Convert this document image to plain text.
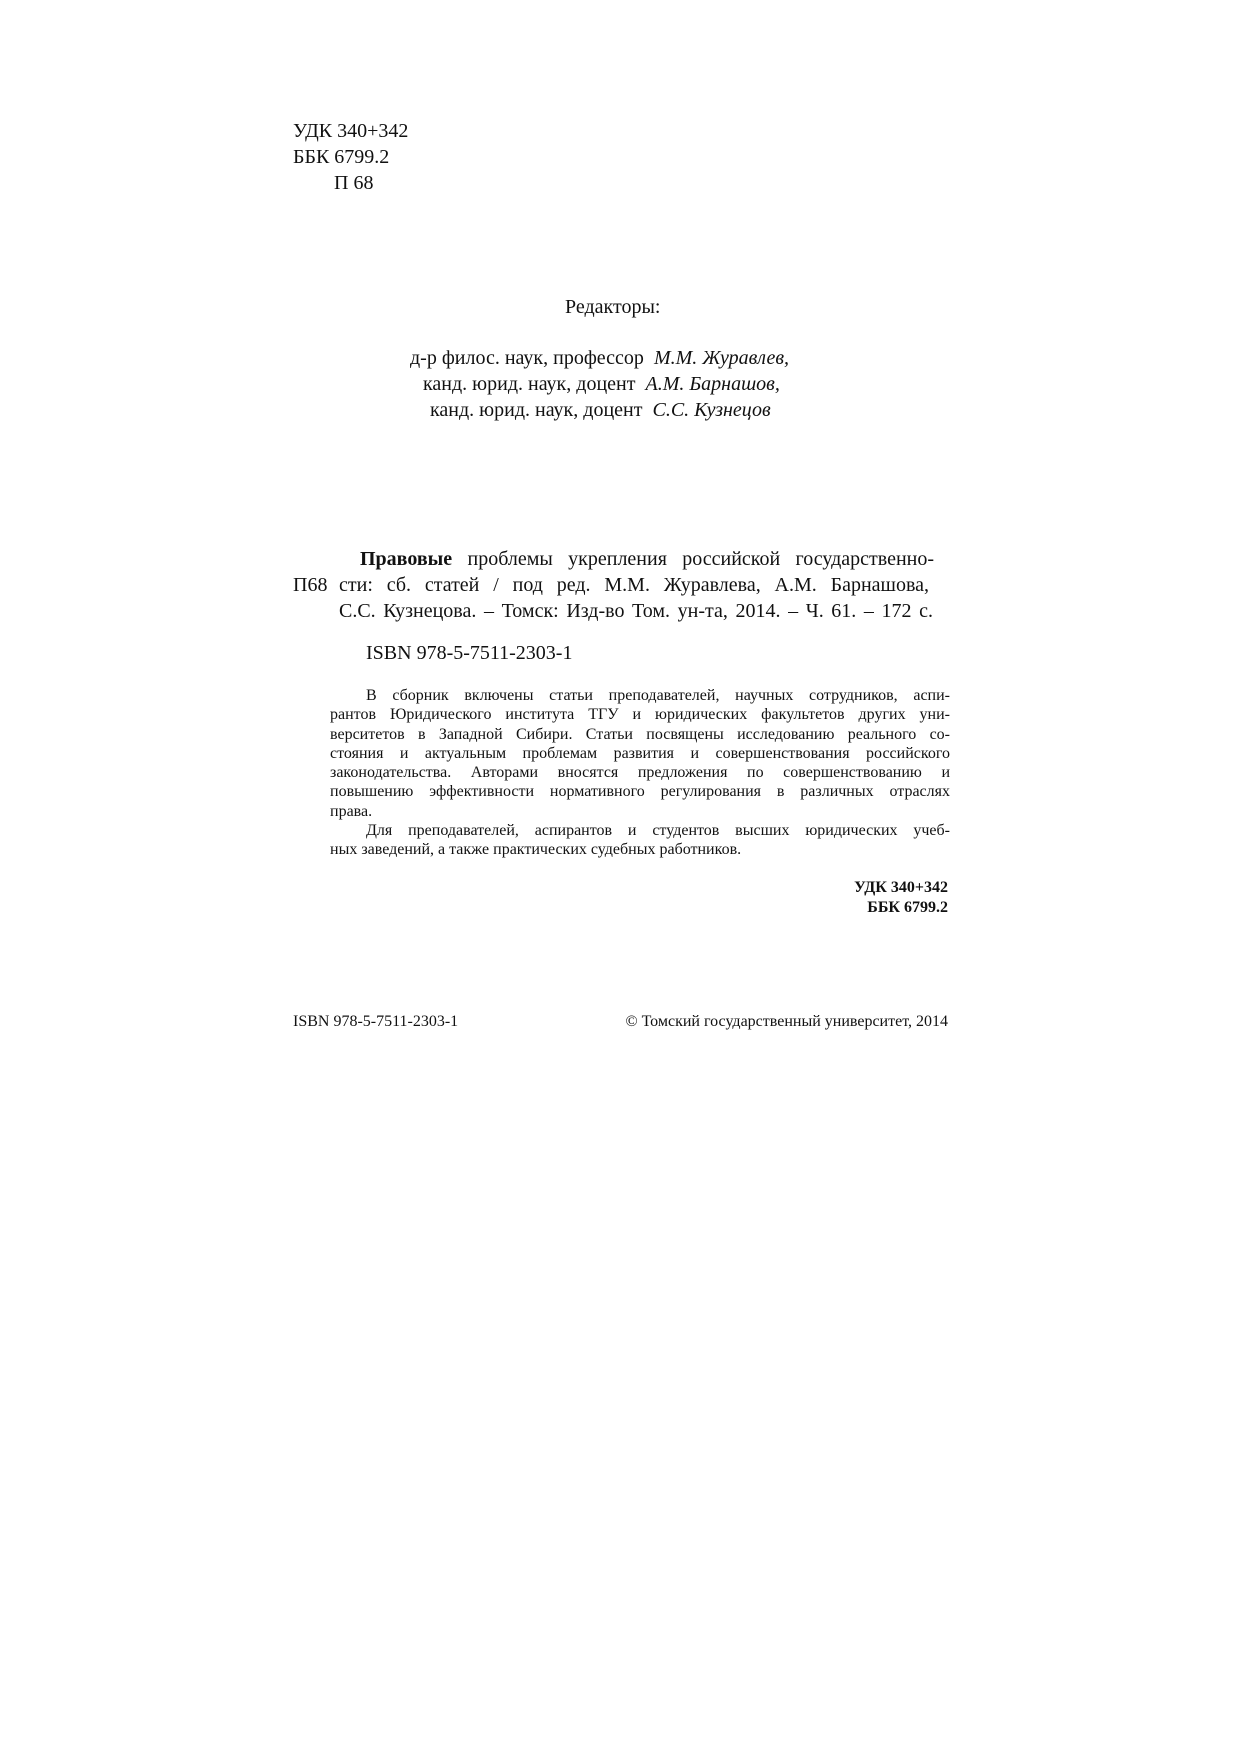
УДК 340+342
ББК 6799.2
П 68
Редакторы:
д-р филос. наук, профессор М.М. Журавлев,
канд. юрид. наук, доцент А.М. Барнашов,
канд. юрид. наук, доцент С.С. Кузнецов
Правовые проблемы укрепления российской государственно-
П68 сти: сб. статей / под ред. М.М. Журавлева, А.М. Барнашова,
С.С. Кузнецова. – Томск: Изд-во Том. ун-та, 2014. – Ч. 61. – 172 с.
ISBN 978-5-7511-2303-1
В сборник включены статьи преподавателей, научных сотрудников, аспи-
рантов Юридического института ТГУ и юридических факультетов других уни-
верситетов в Западной Сибири. Статьи посвящены исследованию реального со-
стояния и актуальным проблемам развития и совершенствования российского
законодательства. Авторами вносятся предложения по совершенствованию и
повышению эффективности нормативного регулирования в различных отраслях
права.
Для преподавателей, аспирантов и студентов высших юридических учеб-
ных заведений, а также практических судебных работников.
УДК 340+342
ББК 6799.2
ISBN 978-5-7511-2303-1	© Томский государственный университет, 2014
